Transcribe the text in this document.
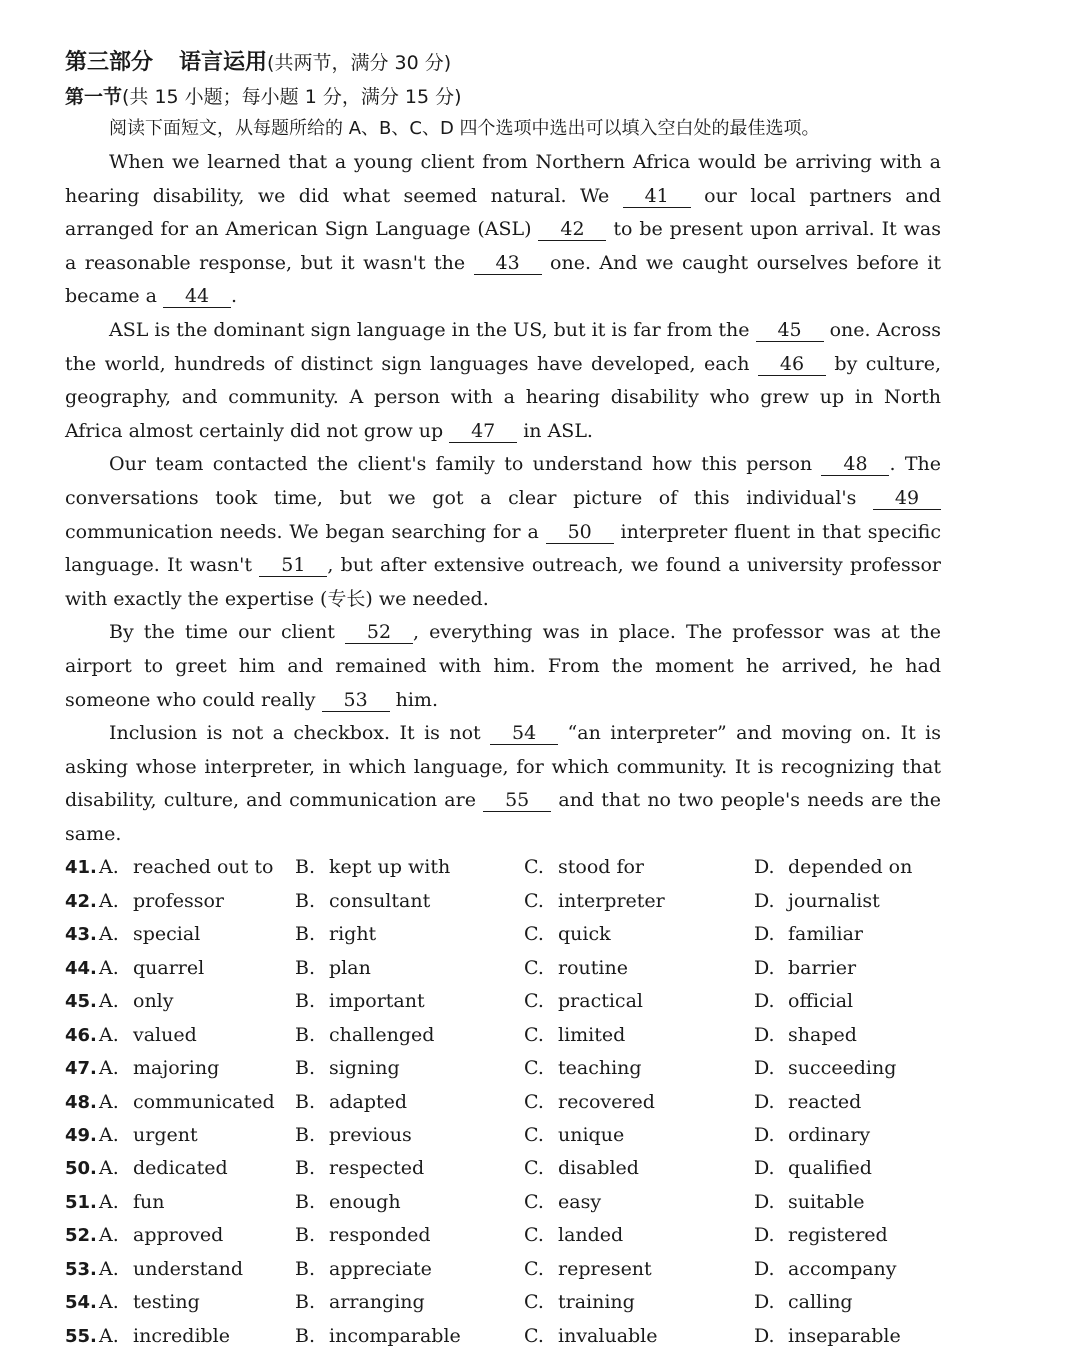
第三部分 语言运用(共两节，满分 30 分)
第一节(共 15 小题；每小题 1 分，满分 15 分)
阅读下面短文，从每题所给的 A、B、C、D 四个选项中选出可以填入空白处的最佳选项。

When we learned that a young client from Northern Africa would be arriving with a hearing disability, we did what seemed natural. We 41 our local partners and arranged for an American Sign Language (ASL) 42 to be present upon arrival. It was a reasonable response, but it wasn't the 43 one. And we caught ourselves before it became a 44 .

ASL is the dominant sign language in the US, but it is far from the 45 one. Across the world, hundreds of distinct sign languages have developed, each 46 by culture, geography, and community. A person with a hearing disability who grew up in North Africa almost certainly did not grow up 47 in ASL.

Our team contacted the client's family to understand how this person 48 . The conversations took time, but we got a clear picture of this individual's 49 communication needs. We began searching for a 50 interpreter fluent in that specific language. It wasn't 51 , but after extensive outreach, we found a university professor with exactly the expertise (专长) we needed.

By the time our client 52 , everything was in place. The professor was at the airport to greet him and remained with him. From the moment he arrived, he had someone who could really 53 him.

Inclusion is not a checkbox. It is not 54 “an interpreter” and moving on. It is asking whose interpreter, in which language, for which community. It is recognizing that disability, culture, and communication are 55 and that no two people's needs are the same.

41. A. reached out to B. kept up with	C. stood for	D. depended on
42. A. professor	B. consultant	C. interpreter	D. journalist
43. A. special	B. right	C. quick	D. familiar
44. A. quarrel	B. plan	C. routine	D. barrier
45. A. only	B. important	C. practical	D. official
46. A. valued	B. challenged	C. limited	D. shaped
47. A. majoring	B. signing	C. teaching	D. succeeding
48. A. communicated B. adapted	C. recovered	D. reacted
49. A. urgent	B. previous	C. unique	D. ordinary
50. A. dedicated	B. respected	C. disabled	D. qualified
51. A. fun	B. enough	C. easy	D. suitable
52. A. approved	B. responded	C. landed	D. registered
53. A. understand	B. appreciate	C. represent	D. accompany
54. A. testing	B. arranging	C. training	D. calling
55. A. incredible	B. incomparable	C. invaluable	D. inseparable
